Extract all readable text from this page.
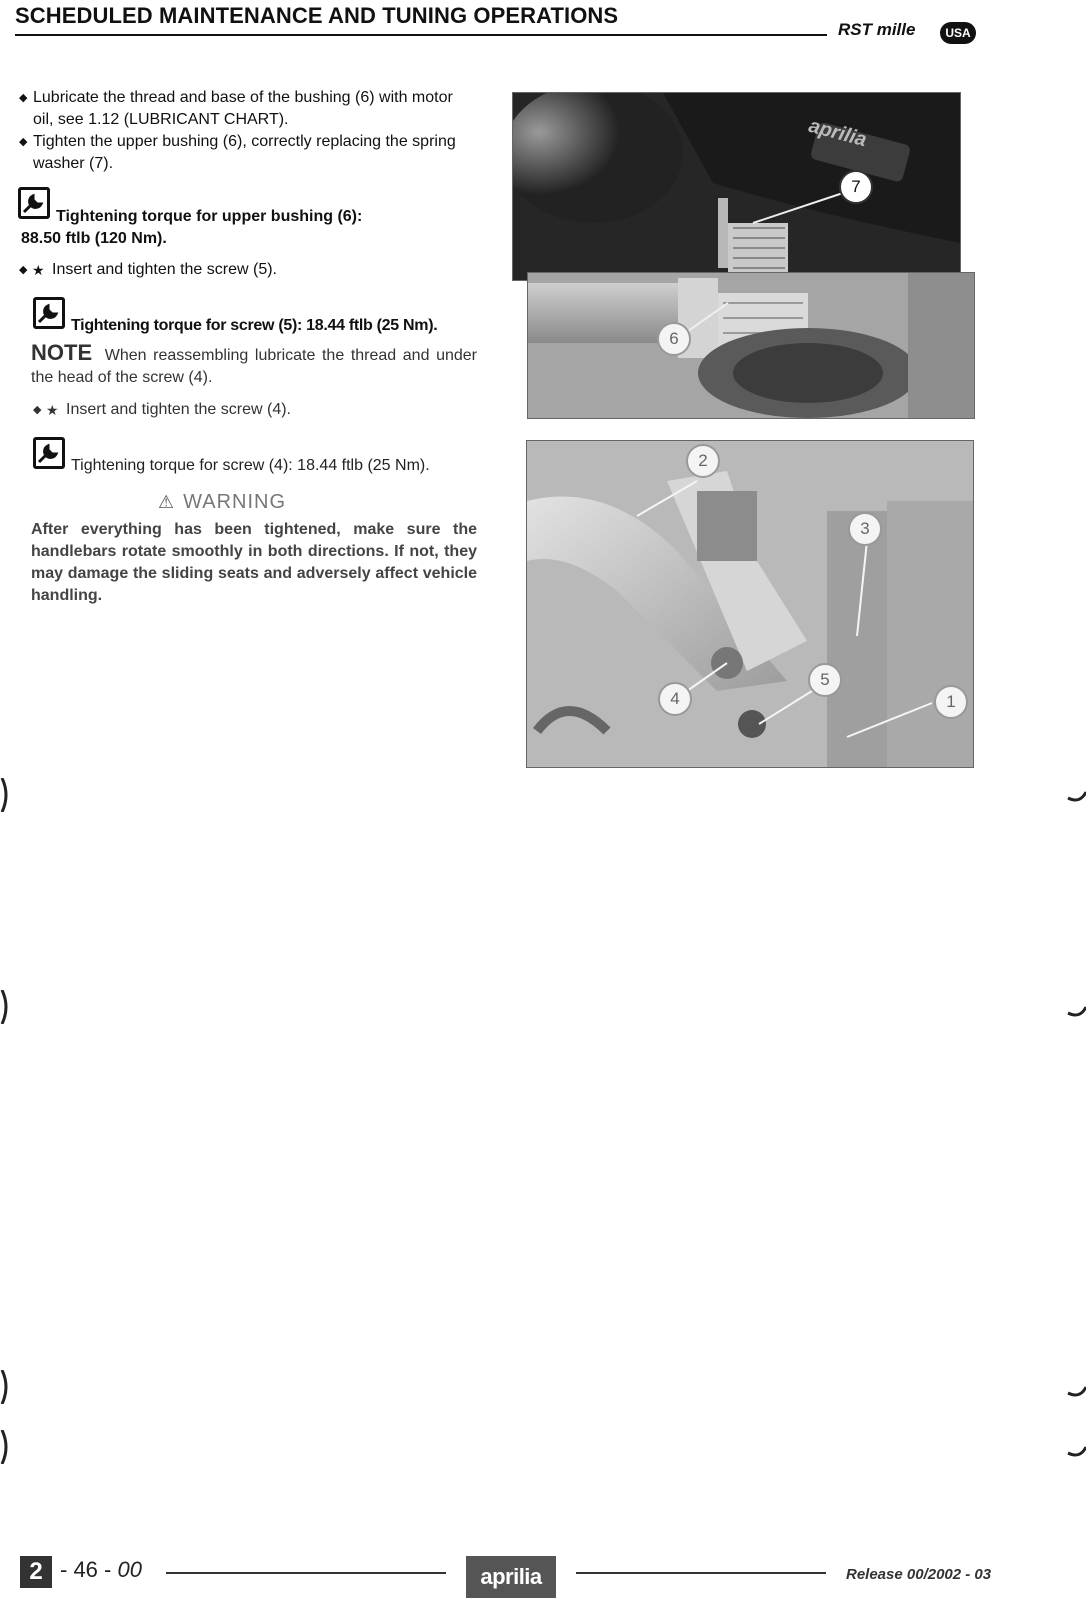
SCHEDULED MAINTENANCE AND TUNING OPERATIONS
RST mille	USA
◆ Lubricate the thread and base of the bushing (6) with motor oil, see 1.12 (LUBRICANT CHART).
◆ Tighten the upper bushing (6), correctly replacing the spring washer (7).
Tightening torque for upper bushing (6):
88.50 ftlb (120 Nm).
◆ ★ Insert and tighten the screw (5).
Tightening torque for screw (5): 18.44 ftlb (25 Nm).
NOTE When reassembling lubricate the thread and under the head of the screw (4).
◆ ★ Insert and tighten the screw (4).
Tightening torque for screw (4): 18.44 ftlb (25 Nm).
⚠ WARNING
After everything has been tightened, make sure the handlebars rotate smoothly in both directions. If not, they may damage the sliding seats and adversely affect vehicle handling.
aprilia
7
6
2
3
4
5
1
2 - 46 - 00	aprilia	Release 00/2002 - 03
